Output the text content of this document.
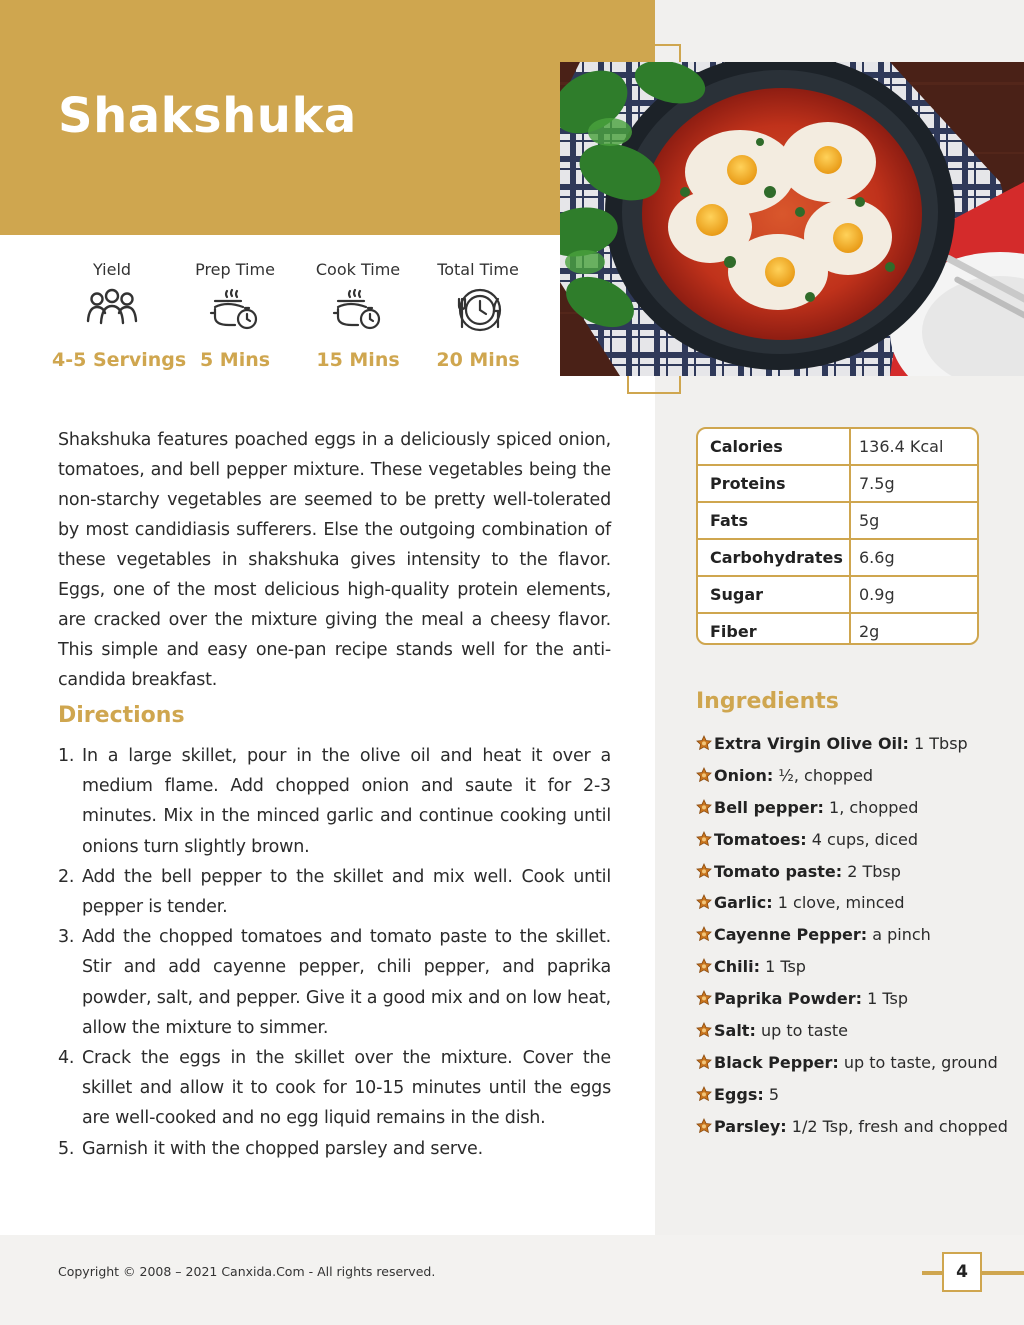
Shakshuka
Yield
4-5 Servings
Prep Time
5 Mins
Cook Time
15 Mins
Total Time
20 Mins

Shakshuka features poached eggs in a deliciously spiced onion, tomatoes, and bell pepper mixture. These vegetables being the non-starchy vegetables are seemed to be pretty well-tolerated by most candidiasis sufferers. Else the outgoing combination of these vegetables in shakshuka gives intensity to the flavor. Eggs, one of the most delicious high-quality protein elements, are cracked over the mixture giving the meal a cheesy flavor. This simple and easy one-pan recipe stands well for the anti-candida breakfast.

Directions
1. In a large skillet, pour in the olive oil and heat it over a medium flame. Add chopped onion and saute it for 2-3 minutes. Mix in the minced garlic and continue cooking until onions turn slightly brown.
2. Add the bell pepper to the skillet and mix well. Cook until pepper is tender.
3. Add the chopped tomatoes and tomato paste to the skillet. Stir and add cayenne pepper, chili pepper, and paprika powder, salt, and pepper. Give it a good mix and on low heat, allow the mixture to simmer.
4. Crack the eggs in the skillet over the mixture. Cover the skillet and allow it to cook for 10-15 minutes until the eggs are well-cooked and no egg liquid remains in the dish.
5. Garnish it with the chopped parsley and serve.
Calories	136.4 Kcal
Proteins	7.5g
Fats	5g
Carbohydrates	6.6g
Sugar	0.9g
Fiber	2g
Ingredients
Extra Virgin Olive Oil: 1 Tbsp
Onion: ½, chopped
Bell pepper: 1, chopped
Tomatoes: 4 cups, diced
Tomato paste: 2 Tbsp
Garlic: 1 clove, minced
Cayenne Pepper: a pinch
Chili: 1 Tsp
Paprika Powder: 1 Tsp
Salt: up to taste
Black Pepper: up to taste, ground
Eggs: 5
Parsley: 1/2 Tsp, fresh and chopped
Copyright © 2008 – 2021 Canxida.Com - All rights reserved.	4
